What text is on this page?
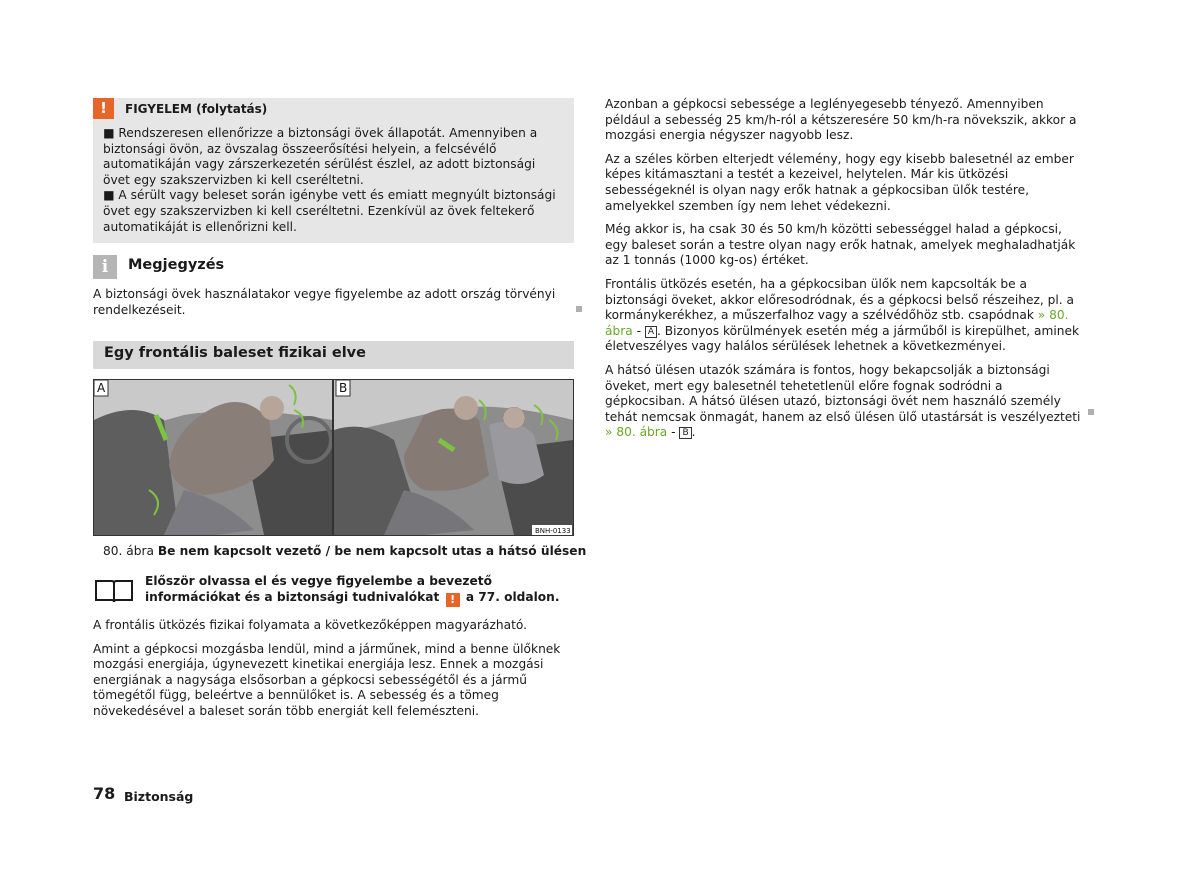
!	FIGYELEM (folytatás)

■ Rendszeresen ellenőrizze a biztonsági övek állapotát. Amennyiben a biztonsági övön, az övszalag összeerősítési helyein, a felcsévélő automatikáján vagy zárszerkezetén sérülést észlel, az adott biztonsági övet egy szakszervizben ki kell cseréltetni.

■ A sérült vagy beleset során igénybe vett és emiatt megnyúlt biztonsági övet egy szakszervizben ki kell cseréltetni. Ezenkívül az övek feltekerő automatikáját is ellenőrizni kell.

i	Megjegyzés
A biztonsági övek használatakor vegye figyelembe az adott ország törvényi rendelkezéseit.
Egy frontális baleset fizikai elve
A	B
BNH-0133
80. ábra Be nem kapcsolt vezető / be nem kapcsolt utas a hátsó ülésen
Először olvassa el és vegye figyelembe a bevezető információkat és a biztonsági tudnivalókat ! a 77. oldalon.

A frontális ütközés fizikai folyamata a következőképpen magyarázható.

Amint a gépkocsi mozgásba lendül, mind a járműnek, mind a benne ülőknek mozgási energiája, úgynevezett kinetikai energiája lesz. Ennek a mozgási energiának a nagysága elsősorban a gépkocsi sebességétől és a jármű tömegétől függ, beleértve a bennülőket is. A sebesség és a tömeg növekedésével a baleset során több energiát kell felemészteni.

Azonban a gépkocsi sebessége a leglényegesebb tényező. Amennyiben például a sebesség 25 km/h-ról a kétszeresére 50 km/h-ra növekszik, akkor a mozgási energia négyszer nagyobb lesz.

Az a széles körben elterjedt vélemény, hogy egy kisebb balesetnél az ember képes kitámasztani a testét a kezeivel, helytelen. Már kis ütközési sebességeknél is olyan nagy erők hatnak a gépkocsiban ülők testére, amelyekkel szemben így nem lehet védekezni.

Még akkor is, ha csak 30 és 50 km/h közötti sebességgel halad a gépkocsi, egy baleset során a testre olyan nagy erők hatnak, amelyek meghaladhatják az 1 tonnás (1000 kg-os) értéket.

Frontális ütközés esetén, ha a gépkocsiban ülők nem kapcsolták be a biztonsági öveket, akkor előresodródnak, és a gépkocsi belső részeihez, pl. a kormánykerékhez, a műszerfalhoz vagy a szélvédőhöz stb. csapódnak » 80. ábra - A . Bizonyos körülmények esetén még a járműből is kirepülhet, aminek életveszélyes vagy halálos sérülések lehetnek a következményei.

A hátsó ülésen utazók számára is fontos, hogy bekapcsolják a biztonsági öveket, mert egy balesetnél tehetetlenül előre fognak sodródni a gépkocsiban. A hátsó ülésen utazó, biztonsági övét nem használó személy tehát nemcsak önmagát, hanem az első ülésen ülő utastársát is veszélyezteti » 80. ábra - B .

78 Biztonság
